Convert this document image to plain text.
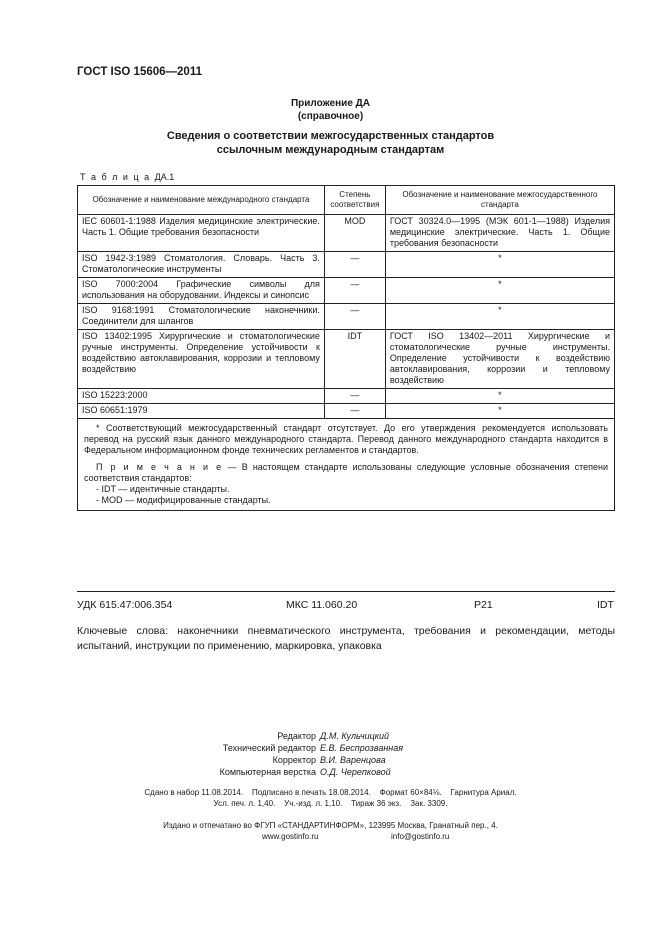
ГОСТ ISO 15606—2011
Приложение ДА
(справочное)
Сведения о соответствии межгосударственных стандартов
ссылочным международным стандартам
Т а б л и ц а ДА.1
Обозначение и наименование международного стандарта	Степень соответствия	Обозначение и наименование межгосударственного стандарта
IEC 60601-1:1988 Изделия медицинские электрические. Часть 1. Общие требования безопасности	MOD	ГОСТ 30324.0—1995 (МЭК 601-1—1988) Изделия медицинские электрические. Часть 1. Общие требования безопасности
ISO 1942-3:1989 Стоматология. Словарь. Часть 3. Стоматологические инструменты	—	*
ISO 7000:2004 Графические символы для использования на оборудовании. Индексы и синопсис	—	*
ISO 9168:1991 Стоматологические наконечники. Соединители для шлангов	—	*
ISO 13402:1995 Хирургические и стоматологические ручные инструменты. Определение устойчивости к воздействию автоклавирования, коррозии и тепловому воздействию	IDT	ГОСТ ISO 13402—2011 Хирургические и стоматологические ручные инструменты. Определение устойчивости к воздействию автоклавирования, коррозии и тепловому воздействию
ISO 15223:2000	—	*
ISO 60651:1979	—	*

* Соответствующий межгосударственный стандарт отсутствует. До его утверждения рекомендуется использовать перевод на русский язык данного международного стандарта. Перевод данного международного стандарта находится в Федеральном информационном фонде технических регламентов и стандартов.
П р и м е ч а н и е — В настоящем стандарте использованы следующие условные обозначения степени соответствия стандартов:
- IDT — идентичные стандарты.
- MOD — модифицированные стандарты.		
УДК 615.47:006.354	МКС 11.060.20	Р21	IDT
Ключевые слова: наконечники пневматического инструмента, требования и рекомендации, методы испытаний, инструкции по применению, маркировка, упаковка
Редактор Д.М. Кульчицкий
Технический редактор Е.В. Беспрозванная
Корректор В.И. Варенцова
Компьютерная верстка О.Д. Черепковой
Сдано в набор 11.08.2014.    Подписано в печать 18.08.2014.    Формат 60×84⅛.    Гарнитура Ариал.
Усл. печ. л. 1,40.    Уч.-изд. л. 1,10.    Тираж 36 экз.    Зак. 3309.
Издано и отпечатано во ФГУП «СТАНДАРТИНФОРМ», 123995 Москва, Гранатный пер., 4.
www.gostinfo.ru	info@gostinfo.ru
